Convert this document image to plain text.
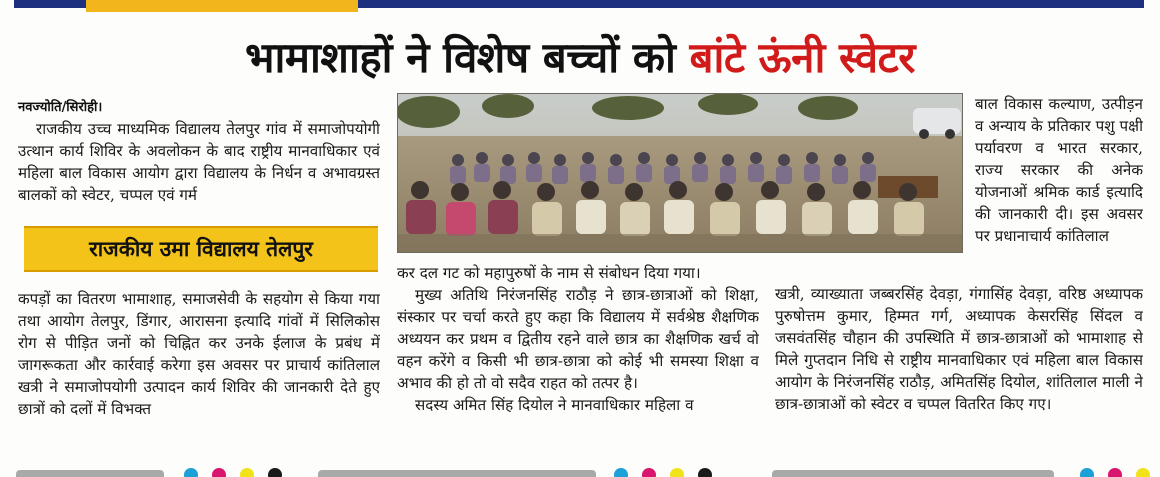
भामाशाहों ने विशेष बच्चों को बांटे ऊंनी स्वेटर
नवज्योति/सिरोही।

राजकीय उच्च माध्यमिक विद्यालय तेलपुर गांव में समाजोपयोगी उत्थान कार्य शिविर के अवलोकन के बाद राष्ट्रीय मानवाधिकार एवं महिला बाल विकास आयोग द्वारा विद्यालय के निर्धन व अभावग्रस्त बालकों को स्वेटर, चप्पल एवं गर्म

राजकीय उमा विद्यालय तेलपुर

कपड़ों का वितरण भामाशाह, समाजसेवी के सहयोग से किया गया तथा आयोग तेलपुर, डिंगार, आरासना इत्यादि गांवों में सिलिकोस रोग से पीड़ित जनों को चिह्नित कर उनके ईलाज के प्रबंध में जागरूकता और कार्रवाई करेगा इस अवसर पर प्राचार्य कांतिलाल खत्री ने समाजोपयोगी उत्पादन कार्य शिविर की जानकारी देते हुए छात्रों को दलों में विभक्त

कर दल गट को महापुरुषों के नाम से संबोधन दिया गया।

मुख्य अतिथि निरंजनसिंह राठौड़ ने छात्र-छात्राओं को शिक्षा, संस्कार पर चर्चा करते हुए कहा कि विद्यालय में सर्वश्रेष्ठ शैक्षणिक अध्ययन कर प्रथम व द्वितीय रहने वाले छात्र का शैक्षणिक खर्च वो वहन करेंगे व किसी भी छात्र-छात्रा को कोई भी समस्या शिक्षा व अभाव की हो तो वो सदैव राहत को तत्पर है।

सदस्य अमित सिंह दियोल ने मानवाधिकार महिला व

बाल विकास कल्याण, उत्पीड़न व अन्याय के प्रतिकार पशु पक्षी पर्यावरण व भारत सरकार, राज्य सरकार की अनेक योजनाओं श्रमिक कार्ड इत्यादि की जानकारी दी। इस अवसर पर प्रधानाचार्य कांतिलाल

खत्री, व्याख्याता जब्बरसिंह देवड़ा, गंगासिंह देवड़ा, वरिष्ठ अध्यापक पुरुषोत्तम कुमार, हिम्मत गर्ग, अध्यापक केसरसिंह सिंदल व जसवंतसिंह चौहान की उपस्थिति में छात्र-छात्राओं को भामाशाह से मिले गुप्तदान निधि से राष्ट्रीय मानवाधिकार एवं महिला बाल विकास आयोग के निरंजनसिंह राठौड़, अमितसिंह दियोल, शांतिलाल माली ने छात्र-छात्राओं को स्वेटर व चप्पल वितरित किए गए।
